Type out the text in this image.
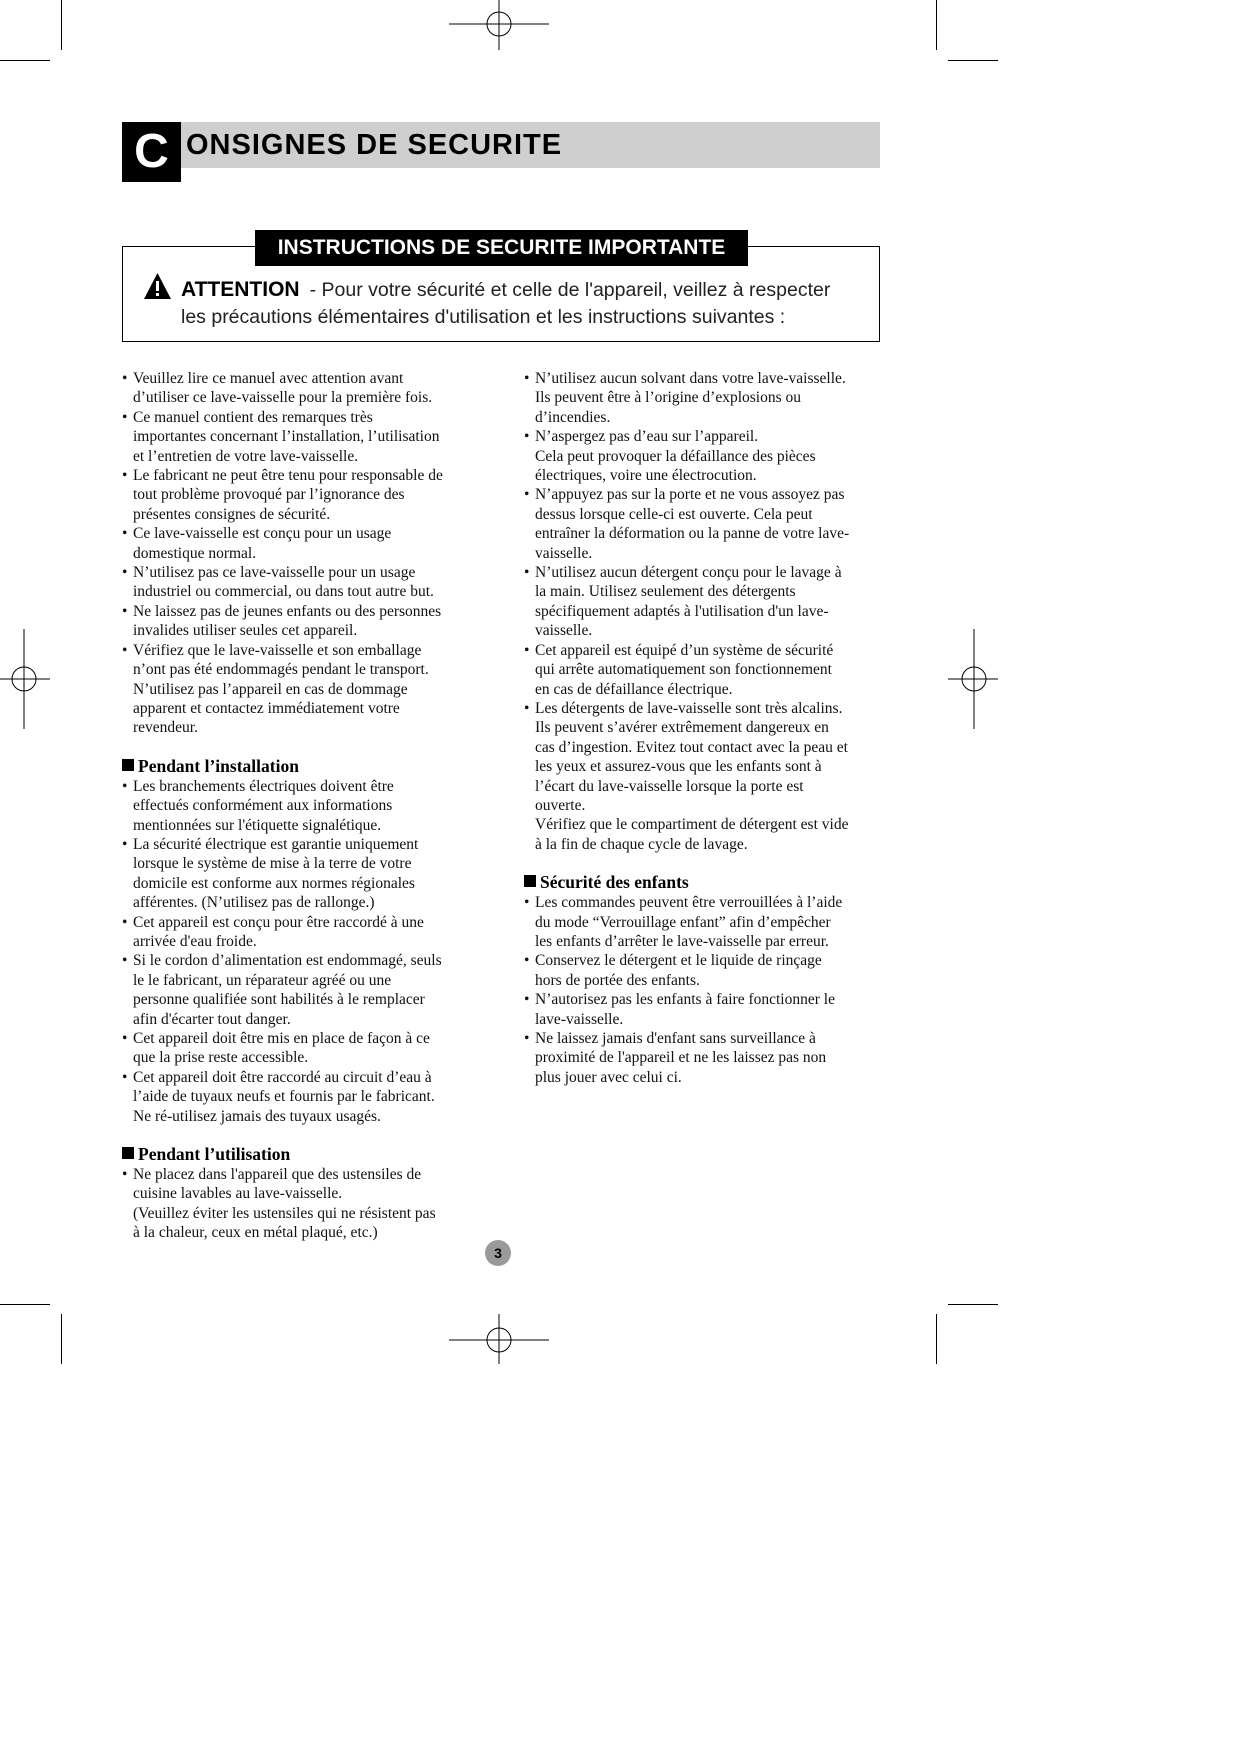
C ONSIGNES DE SECURITE
INSTRUCTIONS DE SECURITE IMPORTANTE
ATTENTION - Pour votre sécurité et celle de l'appareil, veillez à respecter
les précautions élémentaires d'utilisation et les instructions suivantes :
• Veuillez lire ce manuel avec attention avant
d’utiliser ce lave-vaisselle pour la première fois.
• Ce manuel contient des remarques très
importantes concernant l’installation, l’utilisation
et l’entretien de votre lave-vaisselle.
• Le fabricant ne peut être tenu pour responsable de
tout problème provoqué par l’ignorance des
présentes consignes de sécurité.
• Ce lave-vaisselle est conçu pour un usage
domestique normal.
• N’utilisez pas ce lave-vaisselle pour un usage
industriel ou commercial, ou dans tout autre but.
• Ne laissez pas de jeunes enfants ou des personnes
invalides utiliser seules cet appareil.
• Vérifiez que le lave-vaisselle et son emballage
n’ont pas été endommagés pendant le transport.
N’utilisez pas l’appareil en cas de dommage
apparent et contactez immédiatement votre
revendeur.
Pendant l’installation
• Les branchements électriques doivent être
effectués conformément aux informations
mentionnées sur l'étiquette signalétique.
• La sécurité électrique est garantie uniquement
lorsque le système de mise à la terre de votre
domicile est conforme aux normes régionales
afférentes. (N’utilisez pas de rallonge.)
• Cet appareil est conçu pour être raccordé à une
arrivée d'eau froide.
• Si le cordon d’alimentation est endommagé, seuls
le le fabricant, un réparateur agréé ou une
personne qualifiée sont habilités à le remplacer
afin d'écarter tout danger.
• Cet appareil doit être mis en place de façon à ce
que la prise reste accessible.
• Cet appareil doit être raccordé au circuit d’eau à
l’aide de tuyaux neufs et fournis par le fabricant.
Ne ré-utilisez jamais des tuyaux usagés.
Pendant l’utilisation
• Ne placez dans l'appareil que des ustensiles de
cuisine lavables au lave-vaisselle.
(Veuillez éviter les ustensiles qui ne résistent pas
à la chaleur, ceux en métal plaqué, etc.)
• N’utilisez aucun solvant dans votre lave-vaisselle.
Ils peuvent être à l’origine d’explosions ou
d’incendies.
• N’aspergez pas d’eau sur l’appareil.
Cela peut provoquer la défaillance des pièces
électriques, voire une électrocution.
• N’appuyez pas sur la porte et ne vous assoyez pas
dessus lorsque celle-ci est ouverte. Cela peut
entraîner la déformation ou la panne de votre lave-
vaisselle.
• N’utilisez aucun détergent conçu pour le lavage à
la main. Utilisez seulement des détergents
spécifiquement adaptés à l'utilisation d'un lave-
vaisselle.
• Cet appareil est équipé d’un système de sécurité
qui arrête automatiquement son fonctionnement
en cas de défaillance électrique.
• Les détergents de lave-vaisselle sont très alcalins.
Ils peuvent s’avérer extrêmement dangereux en
cas d’ingestion. Evitez tout contact avec la peau et
les yeux et assurez-vous que les enfants sont à
l’écart du lave-vaisselle lorsque la porte est
ouverte.
Vérifiez que le compartiment de détergent est vide
à la fin de chaque cycle de lavage.
Sécurité des enfants
• Les commandes peuvent être verrouillées à l’aide
du mode “Verrouillage enfant” afin d’empêcher
les enfants d’arrêter le lave-vaisselle par erreur.
• Conservez le détergent et le liquide de rinçage
hors de portée des enfants.
• N’autorisez pas les enfants à faire fonctionner le
lave-vaisselle.
• Ne laissez jamais d'enfant sans surveillance à
proximité de l'appareil et ne les laissez pas non
plus jouer avec celui ci.
3
